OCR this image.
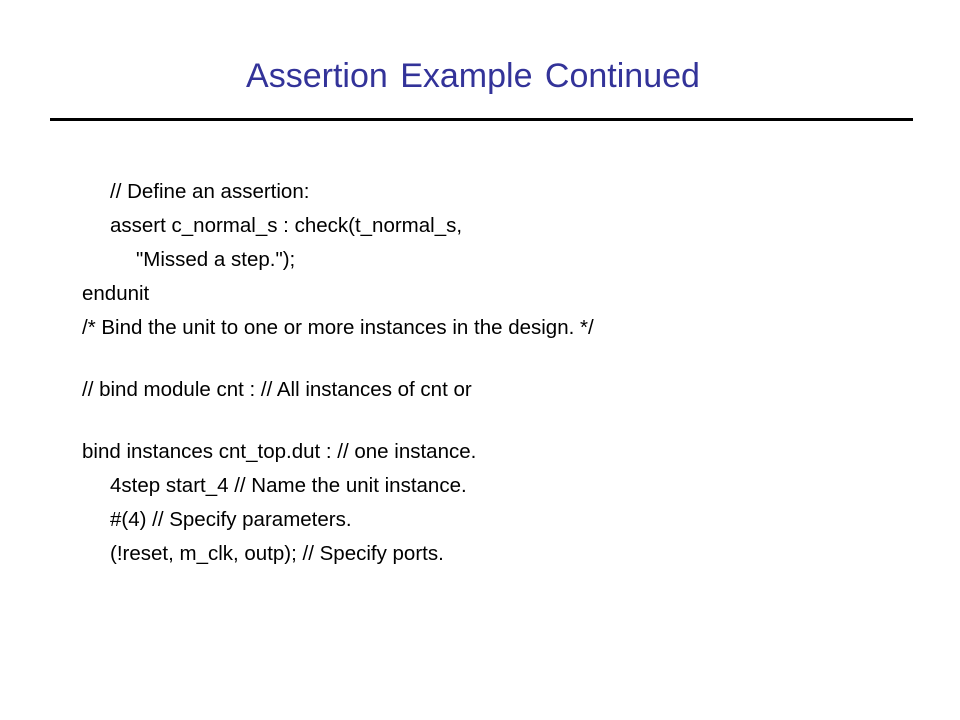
Assertion Example Continued
// Define an assertion:
assert c_normal_s : check(t_normal_s,
"Missed a step.");
endunit
/* Bind the unit to one or more instances in the design. */
// bind module cnt : // All instances of cnt or
bind instances cnt_top.dut : // one instance.
4step start_4 // Name the unit instance.
#(4) // Specify parameters.
(!reset, m_clk, outp); // Specify ports.
